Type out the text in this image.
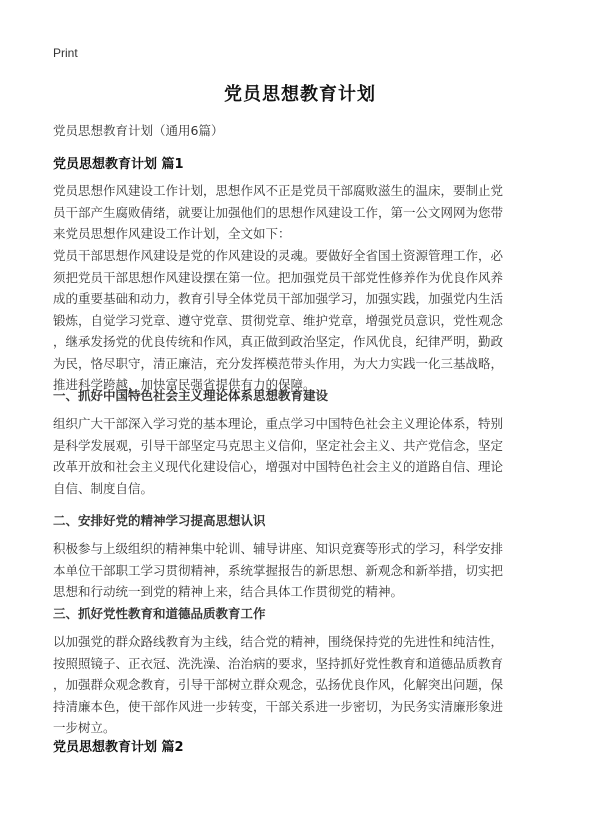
Print
党员思想教育计划
党员思想教育计划（通用6篇）
党员思想教育计划 篇1
党员思想作风建设工作计划，思想作风不正是党员干部腐败滋生的温床，要制止党
员干部产生腐败倩绪，就要让加强他们的思想作风建设工作，第一公文网网为您带
来党员思想作风建设工作计划，全文如下：
党员干部思想作风建设是党的作风建设的灵魂。要做好全省国土资源管理工作，必
须把党员干部思想作风建设摆在第一位。把加强党员干部党性修养作为优良作风养
成的重要基础和动力，教育引导全体党员干部加强学习，加强实践，加强党内生活
锻炼，自觉学习党章、遵守党章、贯彻党章、维护党章，增强党员意识，党性观念
，继承发扬党的优良传统和作风，真正做到政治坚定，作风优良，纪律严明，勤政
为民，恪尽职守，清正廉洁，充分发挥模范带头作用，为大力实践一化三基战略，
推进科学跨越，加快富民强省提供有力的保障。
一、抓好中国特色社会主义理论体系思想教育建设
组织广大干部深入学习党的基本理论，重点学习中国特色社会主义理论体系，特别
是科学发展观，引导干部坚定马克思主义信仰，坚定社会主义、共产党信念，坚定
改革开放和社会主义现代化建设信心，增强对中国特色社会主义的道路自信、理论
自信、制度自信。
二、安排好党的精神学习提高思想认识
积极参与上级组织的精神集中轮训、辅导讲座、知识竞赛等形式的学习，科学安排
本单位干部职工学习贯彻精神，系统掌握报告的新思想、新观念和新举措，切实把
思想和行动统一到党的精神上来，结合具体工作贯彻党的精神。
三、抓好党性教育和道德品质教育工作
以加强党的群众路线教育为主线，结合党的精神，围绕保持党的先进性和纯洁性，
按照照镜子、正衣冠、洗洗澡、治治病的要求，坚持抓好党性教育和道德品质教育
，加强群众观念教育，引导干部树立群众观念，弘扬优良作风，化解突出问题，保
持清廉本色，使干部作风进一步转变，干部关系进一步密切，为民务实清廉形象进
一步树立。
党员思想教育计划 篇2
